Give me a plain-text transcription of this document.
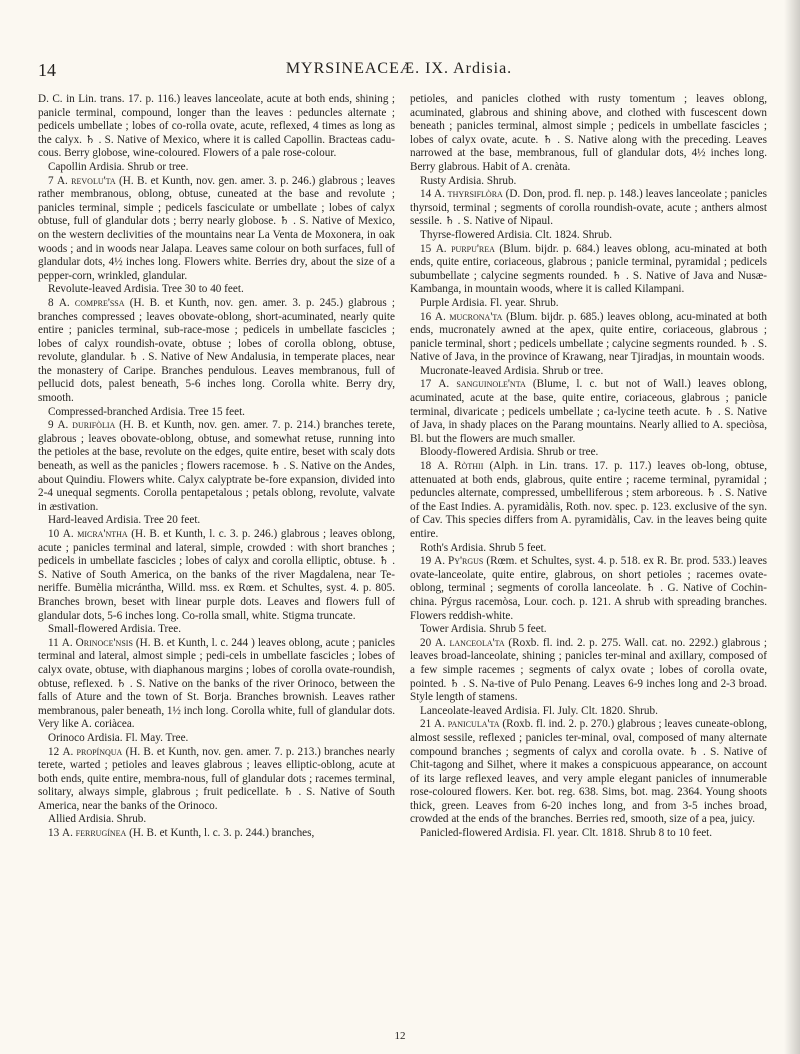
14	MYRSINEACEÆ. IX. Ardisia.

D. C. in Lin. trans. 17. p. 116.) leaves lanceolate, acute at both ends, shining ; panicle terminal, compound, longer than the leaves : peduncles alternate ; pedicels umbellate ; lobes of co-rolla ovate, acute, reflexed, 4 times as long as the calyx. ♄ . S. Native of Mexico, where it is called Capollin. Bracteas cadu-cous. Berry globose, wine-coloured. Flowers of a pale rose-colour.

Capollin Ardisia. Shrub or tree.

7 A. revolu'ta (H. B. et Kunth, nov. gen. amer. 3. p. 246.) glabrous ; leaves rather membranous, oblong, obtuse, cuneated at the base and revolute ; panicles terminal, simple ; pedicels fasciculate or umbellate ; lobes of calyx obtuse, full of glandular dots ; berry nearly globose. ♄ . S. Native of Mexico, on the western declivities of the mountains near La Venta de Moxonera, in oak woods ; and in woods near Jalapa. Leaves same colour on both surfaces, full of glandular dots, 4½ inches long. Flowers white. Berries dry, about the size of a pepper-corn, wrinkled, glandular.

Revolute-leaved Ardisia. Tree 30 to 40 feet.

8 A. compre'ssa (H. B. et Kunth, nov. gen. amer. 3. p. 245.) glabrous ; branches compressed ; leaves obovate-oblong, short-acuminated, nearly quite entire ; panicles terminal, sub-race-mose ; pedicels in umbellate fascicles ; lobes of calyx roundish-ovate, obtuse ; lobes of corolla oblong, obtuse, revolute, glandular. ♄ . S. Native of New Andalusia, in temperate places, near the monastery of Caripe. Branches pendulous. Leaves membranous, full of pellucid dots, palest beneath, 5-6 inches long. Corolla white. Berry dry, smooth.

Compressed-branched Ardisia. Tree 15 feet.

9 A. durifòlia (H. B. et Kunth, nov. gen. amer. 7. p. 214.) branches terete, glabrous ; leaves obovate-oblong, obtuse, and somewhat retuse, running into the petioles at the base, revolute on the edges, quite entire, beset with scaly dots beneath, as well as the panicles ; flowers racemose. ♄ . S. Native on the Andes, about Quindiu. Flowers white. Calyx calyptrate be-fore expansion, divided into 2-4 unequal segments. Corolla pentapetalous ; petals oblong, revolute, valvate in æstivation.

Hard-leaved Ardisia. Tree 20 feet.

10 A. micra'ntha (H. B. et Kunth, l. c. 3. p. 246.) glabrous ; leaves oblong, acute ; panicles terminal and lateral, simple, crowded : with short branches ; pedicels in umbellate fascicles ; lobes of calyx and corolla elliptic, obtuse. ♄ . S. Native of South America, on the banks of the river Magdalena, near Te-neriffe. Bumèlia micrántha, Willd. mss. ex Rœm. et Schultes, syst. 4. p. 805. Branches brown, beset with linear purple dots. Leaves and flowers full of glandular dots, 5-6 inches long. Co-rolla small, white. Stigma truncate.

Small-flowered Ardisia. Tree.

11 A. Orinoce'nsis (H. B. et Kunth, l. c. 244 ) leaves oblong, acute ; panicles terminal and lateral, almost simple ; pedi-cels in umbellate fascicles ; lobes of calyx ovate, obtuse, with diaphanous margins ; lobes of corolla ovate-roundish, obtuse, reflexed. ♄ . S. Native on the banks of the river Orinoco, between the falls of Ature and the town of St. Borja. Branches brownish. Leaves rather membranous, paler beneath, 1½ inch long. Corolla white, full of glandular dots. Very like A. coriàcea.

Orinoco Ardisia. Fl. May. Tree.

12 A. propínqua (H. B. et Kunth, nov. gen. amer. 7. p. 213.) branches nearly terete, warted ; petioles and leaves glabrous ; leaves elliptic-oblong, acute at both ends, quite entire, membra-nous, full of glandular dots ; racemes terminal, solitary, always simple, glabrous ; fruit pedicellate. ♄ . S. Native of South America, near the banks of the Orinoco.

Allied Ardisia. Shrub.

13 A. ferrugínea (H. B. et Kunth, l. c. 3. p. 244.) branches,

petioles, and panicles clothed with rusty tomentum ; leaves oblong, acuminated, glabrous and shining above, and clothed with fuscescent down beneath ; panicles terminal, almost simple ; pedicels in umbellate fascicles ; lobes of calyx ovate, acute. ♄ . S. Native along with the preceding. Leaves narrowed at the base, membranous, full of glandular dots, 4½ inches long. Berry glabrous. Habit of A. crenàta.

Rusty Ardisia. Shrub.

14 A. thyrsiflòra (D. Don, prod. fl. nep. p. 148.) leaves lanceolate ; panicles thyrsoid, terminal ; segments of corolla roundish-ovate, acute ; anthers almost sessile. ♄ . S. Native of Nipaul.

Thyrse-flowered Ardisia. Clt. 1824. Shrub.

15 A. purpu'rea (Blum. bijdr. p. 684.) leaves oblong, acu-minated at both ends, quite entire, coriaceous, glabrous ; panicle terminal, pyramidal ; pedicels subumbellate ; calycine segments rounded. ♄ . S. Native of Java and Nusæ-Kambanga, in mountain woods, where it is called Kilampani.

Purple Ardisia. Fl. year. Shrub.

16 A. mucrona'ta (Blum. bijdr. p. 685.) leaves oblong, acu-minated at both ends, mucronately awned at the apex, quite entire, coriaceous, glabrous ; panicle terminal, short ; pedicels umbellate ; calycine segments rounded. ♄ . S. Native of Java, in the province of Krawang, near Tjiradjas, in mountain woods.

Mucronate-leaved Ardisia. Shrub or tree.

17 A. sanguinole'nta (Blume, l. c. but not of Wall.) leaves oblong, acuminated, acute at the base, quite entire, coriaceous, glabrous ; panicle terminal, divaricate ; pedicels umbellate ; ca-lycine teeth acute. ♄ . S. Native of Java, in shady places on the Parang mountains. Nearly allied to A. speciòsa, Bl. but the flowers are much smaller.

Bloody-flowered Ardisia. Shrub or tree.

18 A. Ròthii (Alph. in Lin. trans. 17. p. 117.) leaves ob-long, obtuse, attenuated at both ends, glabrous, quite entire ; raceme terminal, pyramidal ; peduncles alternate, compressed, umbelliferous ; stem arboreous. ♄ . S. Native of the East Indies. A. pyramidàlis, Roth. nov. spec. p. 123. exclusive of the syn. of Cav. This species differs from A. pyramidàlis, Cav. in the leaves being quite entire.

Roth's Ardisia. Shrub 5 feet.

19 A. Py'rgus (Rœm. et Schultes, syst. 4. p. 518. ex R. Br. prod. 533.) leaves ovate-lanceolate, quite entire, glabrous, on short petioles ; racemes ovate-oblong, terminal ; segments of corolla lanceolate. ♄ . G. Native of Cochin-china. Pýrgus racemòsa, Lour. coch. p. 121. A shrub with spreading branches. Flowers reddish-white.

Tower Ardisia. Shrub 5 feet.

20 A. lanceola'ta (Roxb. fl. ind. 2. p. 275. Wall. cat. no. 2292.) glabrous ; leaves broad-lanceolate, shining ; panicles ter-minal and axillary, composed of a few simple racemes ; segments of calyx ovate ; lobes of corolla ovate, pointed. ♄ . S. Na-tive of Pulo Penang. Leaves 6-9 inches long and 2-3 broad. Style length of stamens.

Lanceolate-leaved Ardisia. Fl. July. Clt. 1820. Shrub.

21 A. panicula'ta (Roxb. fl. ind. 2. p. 270.) glabrous ; leaves cuneate-oblong, almost sessile, reflexed ; panicles ter-minal, oval, composed of many alternate compound branches ; segments of calyx and corolla ovate. ♄ . S. Native of Chit-tagong and Silhet, where it makes a conspicuous appearance, on account of its large reflexed leaves, and very ample elegant panicles of innumerable rose-coloured flowers. Ker. bot. reg. 638. Sims, bot. mag. 2364. Young shoots thick, green. Leaves from 6-20 inches long, and from 3-5 inches broad, crowded at the ends of the branches. Berries red, smooth, size of a pea, juicy.

Panicled-flowered Ardisia. Fl. year. Clt. 1818. Shrub 8 to 10 feet.

12
